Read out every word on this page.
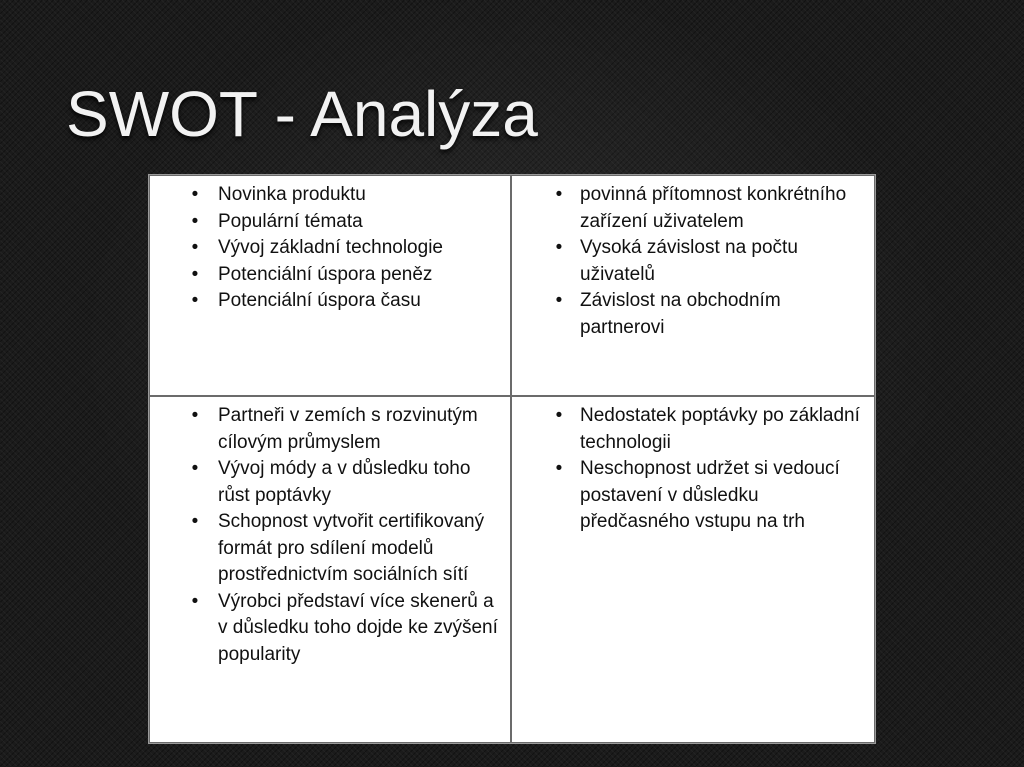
SWOT - Analýza
• Novinka produktu
• Populární témata
• Vývoj základní technologie
• Potenciální úspora peněz
• Potenciální úspora času
• povinná přítomnost konkrétního zařízení uživatelem
• Vysoká závislost na počtu uživatelů
• Závislost na obchodním partnerovi
• Partneři v zemích s rozvinutým cílovým průmyslem
• Vývoj módy a v důsledku toho růst poptávky
• Schopnost vytvořit certifikovaný formát pro sdílení modelů prostřednictvím sociálních sítí
• Výrobci představí více skenerů a v důsledku toho dojde ke zvýšení popularity
• Nedostatek poptávky po základní technologii
• Neschopnost udržet si vedoucí postavení v důsledku předčasného vstupu na trh
